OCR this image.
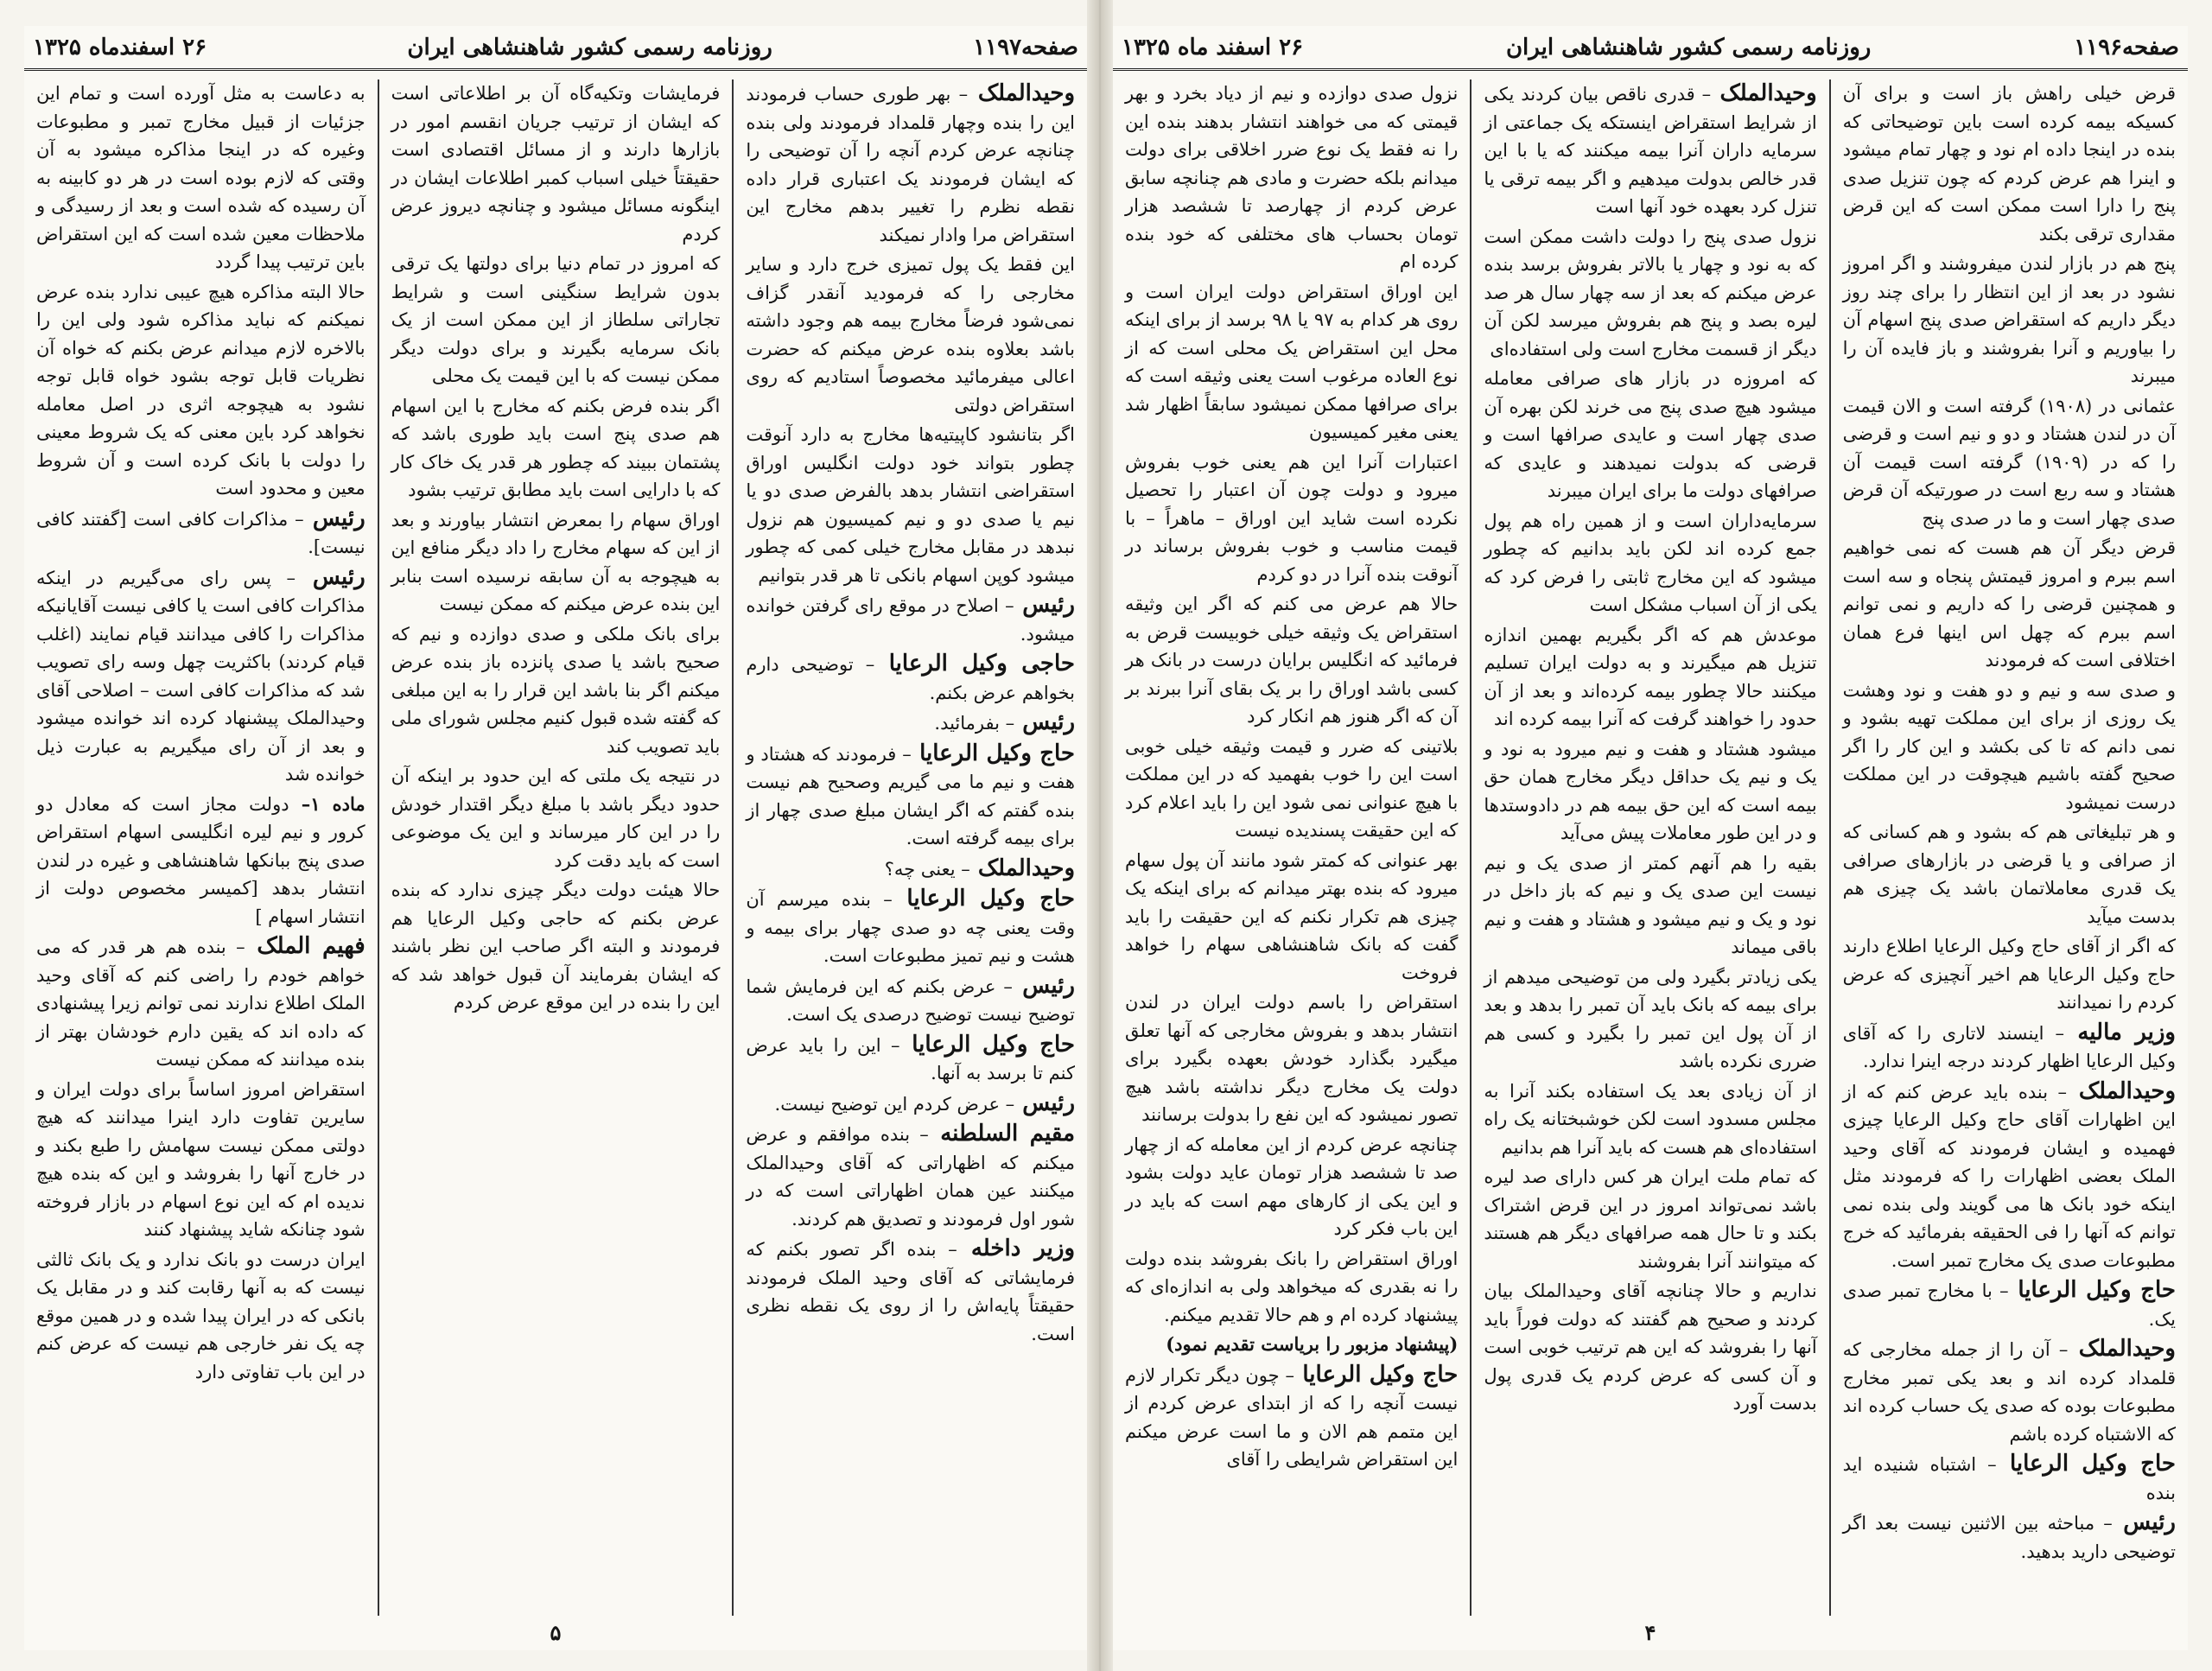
صفحه۱۱۹۷
روزنامه رسمی کشور شاهنشاهی ایران
۲۶ اسفندماه ۱۳۲۵

وحیدالملک – بهر طوری حساب فرمودند این را بنده وچهار قلمداد فرمودند ولی بنده چنانچه عرض کردم آنچه را آن توضیحی را که ایشان فرمودند یک اعتباری قرار داده نقطه نظرم را تغییر بدهم مخارج این استقراض مرا وادار نمیکند

این فقط یک پول تمیزی خرج دارد و سایر مخارجی را که فرمودید آنقدر گزاف نمی‌شود فرضاً مخارج بیمه هم وجود داشته باشد بعلاوه بنده عرض میکنم که حضرت اعالی میفرمائید مخصوصاً استادیم که روی استقراض دولتی

اگر بتانشود کاپیتیه‌ها مخارج به دارد آنوقت چطور بتواند خود دولت انگلیس اوراق استقراضی انتشار بدهد بالفرض صدی دو یا نیم یا صدی دو و نیم کمیسیون هم نزول نبدهد در مقابل مخارج خیلی کمی که چطور میشود کوپن اسهام بانکی تا هر قدر بتوانیم

رئیس – اصلاح در موقع رای گرفتن خوانده میشود.

حاجی وکیل الرعایا – توضیحی دارم بخواهم عرض بکنم.

رئیس – بفرمائید.

حاج وکیل الرعایا – فرمودند که هشتاد و هفت و نیم ما می گیریم وصحیح هم نیست بنده گفتم که اگر ایشان مبلغ صدی چهار از برای بیمه گرفته است.

وحیدالملک – یعنی چه؟

حاج وکیل الرعایا – بنده میرسم آن وقت یعنی چه دو صدی چهار برای بیمه و هشت و نیم تمیز مطبوعات است.

رئیس – عرض بکنم که این فرمایش شما توضیح نیست توضیح درصدی یک است.

حاج وکیل الرعایا – این را باید عرض کنم تا برسد به آنها.

رئیس – عرض کردم این توضیح نیست.

مقیم السلطنه – بنده موافقم و عرض میکنم که اظهاراتی که آقای وحیدالملک میکنند عین همان اظهاراتی است که در شور اول فرمودند و تصدیق هم کردند.

وزیر داخله – بنده اگر تصور بکنم که فرمایشاتی که آقای وحید الملک فرمودند حقیقتاً پایه‌اش را از روی یک نقطه نظری است.

فرمایشات وتکیه‌گاه آن بر اطلاعاتی است که ایشان از ترتیب جریان انقسم امور در بازارها دارند و از مسائل اقتصادی است حقیقتاً خیلی اسباب کمبر اطلاعات ایشان در اینگونه مسائل میشود و چنانچه دیروز عرض کردم

که امروز در تمام دنیا برای دولتها یک ترقی بدون شرایط سنگینی است و شرایط تجاراتی سلطاز از این ممکن است از یک بانک سرمایه بگیرند و برای دولت دیگر ممکن نیست که با این قیمت یک محلی

اگر بنده فرض بکنم که مخارج با این اسهام هم صدی پنج است باید طوری باشد که پشتمان ببیند که چطور هر قدر یک خاک کار که با دارایی است باید مطابق ترتیب بشود

اوراق سهام را بمعرض انتشار بیاورند و بعد از این که سهام مخارج را داد دیگر منافع این به هیچوجه به آن سابقه نرسیده است بنابر این بنده عرض میکنم که ممکن نیست

برای بانک ملکی و صدی دوازده و نیم که صحیح باشد یا صدی پانزده باز بنده عرض میکنم اگر بنا باشد این قرار را به این مبلغی که گفته شده قبول کنیم مجلس شورای ملی باید تصویب کند

در نتیجه یک ملتی که این حدود بر اینکه آن حدود دیگر باشد با مبلغ دیگر اقتدار خودش را در این کار میرساند و این یک موضوعی است که باید دقت کرد

حالا هیئت دولت دیگر چیزی ندارد که بنده عرض بکنم که حاجی وکیل الرعایا هم فرمودند و البته اگر صاحب این نظر باشند که ایشان بفرمایند آن قبول خواهد شد که این را بنده در این موقع عرض کردم

به دعاست به مثل آورده است و تمام این جزئیات از قبیل مخارج تمبر و مطبوعات وغیره که در اینجا مذاکره میشود به آن وقتی که لازم بوده است در هر دو کابینه به آن رسیده که شده است و بعد از رسیدگی و ملاحظات معین شده است که این استقراض باین ترتیب پیدا گردد

حالا البته مذاکره هیچ عیبی ندارد بنده عرض نمیکنم که نباید مذاکره شود ولی این را بالاخره لازم میدانم عرض بکنم که خواه آن نظریات قابل توجه بشود خواه قابل توجه نشود به هیچوجه اثری در اصل معامله نخواهد کرد باین معنی که یک شروط معینی را دولت با بانک کرده است و آن شروط معین و محدود است

رئیس – مذاکرات کافی است [گفتند کافی نیست].

رئیس – پس رای می‌گیریم در اینکه مذاکرات کافی است یا کافی نیست آقایانیکه مذاکرات را کافی میدانند قیام نمایند (اغلب قیام کردند) باکثریت چهل وسه رای تصویب شد که مذاکرات کافی است – اصلاحی آقای وحیدالملک پیشنهاد کرده اند خوانده میشود و بعد از آن رای میگیریم به عبارت ذیل خوانده شد

ماده ۱– دولت مجاز است که معادل دو کرور و نیم لیره انگلیسی اسهام استقراض صدی پنج ببانکها شاهنشاهی و غیره در لندن انتشار بدهد [کمیسر مخصوص دولت از انتشار اسهام ]

فهیم الملک – بنده هم هر قدر که می خواهم خودم را راضی کنم که آقای وحید الملک اطلاع ندارند نمی توانم زیرا پیشنهادی که داده اند که یقین دارم خودشان بهتر از بنده میدانند که ممکن نیست

استقراض امروز اساساً برای دولت ایران و سایرین تفاوت دارد اینرا میدانند که هیچ دولتی ممکن نیست سهامش را طبع بکند و در خارج آنها را بفروشد و این که بنده هیچ ندیده ام که این نوع اسهام در بازار فروخته شود چنانکه شاید پیشنهاد کنند

ایران درست دو بانک ندارد و یک بانک ثالثی نیست که به آنها رقابت کند و در مقابل یک بانکی که در ایران پیدا شده و در همین موقع چه یک نفر خارجی هم نیست که عرض کنم در این باب تفاوتی دارد

۵
صفحه۱۱۹۶
روزنامه رسمی کشور شاهنشاهی ایران
۲۶ اسفند ماه ۱۳۲۵

قرض خیلی راهش باز است و برای آن کسیکه بیمه کرده است باین توضیحاتی که بنده در اینجا داده ام نود و چهار تمام میشود و اینرا هم عرض کردم که چون تنزیل صدی پنج را دارا است ممکن است که این قرض مقداری ترقی بکند

پنج هم در بازار لندن میفروشند و اگر امروز نشود در بعد از این انتظار را برای چند روز دیگر داریم که استقراض صدی پنج اسهام آن را بیاوریم و آنرا بفروشند و باز فایده آن را میبرند

عثمانی در (۱۹۰۸) گرفته است و الان قیمت آن در لندن هشتاد و دو و نیم است و قرضی را که در (۱۹۰۹) گرفته است قیمت آن هشتاد و سه ربع است در صورتیکه آن قرض صدی چهار است و ما در صدی پنج

قرض دیگر آن هم هست که نمی خواهیم اسم ببرم و امروز قیمتش پنجاه و سه است و همچنین قرضی را که داریم و نمی توانم اسم ببرم که چهل اس اینها فرع همان اختلافی است که فرمودند

و صدی سه و نیم و دو هفت و نود وهشت یک روزی از برای این مملکت تهیه بشود و نمی دانم که تا کی بکشد و این کار را اگر صحیح گفته باشیم هیچوقت در این مملکت درست نمیشود

و هر تبلیغاتی هم که بشود و هم کسانی که از صرافی و یا قرضی در بازارهای صرافی یک قدری معاملاتمان باشد یک چیزی هم بدست میآید

که اگر از آقای حاج وکیل الرعایا اطلاع دارند حاج وکیل الرعایا هم اخیر آنچیزی که عرض کردم را نمیدانند

وزیر مالیه – اینسند لاتاری را که آقای وکیل الرعایا اظهار کردند درجه اینرا ندارد.

وحیدالملک – بنده باید عرض کنم که از این اظهارات آقای حاج وکیل الرعایا چیزی فهمیده و ایشان فرمودند که آقای وحید الملک بعضی اظهارات را که فرمودند مثل اینکه خود بانک ها می گویند ولی بنده نمی توانم که آنها را فی الحقیقه بفرمائید که خرج مطبوعات صدی یک مخارج تمبر است.

حاج وکیل الرعایا – با مخارج تمبر صدی یک.

وحیدالملک – آن را از جمله مخارجی که قلمداد کرده اند و بعد یکی تمبر مخارج مطبوعات بوده که صدی یک حساب کرده اند که الاشتباه کرده باشم

حاج وکیل الرعایا – اشتباه شنیده اید بنده

رئیس – مباحثه بین الاثنین نیست بعد اگر توضیحی دارید بدهید.

وحیدالملک – قدری ناقص بیان کردند یکی از شرایط استقراض اینستکه یک جماعتی از سرمایه داران آنرا بیمه میکنند که یا با این قدر خالص بدولت میدهیم و اگر بیمه ترقی یا تنزل کرد بعهده خود آنها است

نزول صدی پنج را دولت داشت ممکن است که به نود و چهار یا بالاتر بفروش برسد بنده عرض میکنم که بعد از سه چهار سال هر صد لیره بصد و پنج هم بفروش میرسد لکن آن دیگر از قسمت مخارج است ولی استفاده‌ای

که امروزه در بازار های صرافی معامله میشود هیچ صدی پنج می خرند لکن بهره آن صدی چهار است و عایدی صرافها است و قرضی که بدولت نمیدهند و عایدی که صرافهای دولت ما برای ایران میبرند

سرمایه‌داران است و از همین راه هم پول جمع کرده اند لکن باید بدانیم که چطور میشود که این مخارج ثابتی را فرض کرد که یکی از آن اسباب مشکل است

موعدش هم که اگر بگیریم بهمین اندازه تنزیل هم میگیرند و به دولت ایران تسلیم میکنند حالا چطور بیمه کرده‌اند و بعد از آن حدود را خواهند گرفت که آنرا بیمه کرده اند

میشود هشتاد و هفت و نیم میرود به نود و یک و نیم یک حداقل دیگر مخارج همان حق بیمه است که این حق بیمه هم در دادوستدها و در این طور معاملات پیش می‌آید

بقیه را هم آنهم کمتر از صدی یک و نیم نیست این صدی یک و نیم که باز داخل در نود و یک و نیم میشود و هشتاد و هفت و نیم باقی میماند

یکی زیادتر بگیرد ولی من توضیحی میدهم از برای بیمه که بانک باید آن تمبر را بدهد و بعد از آن پول این تمبر را بگیرد و کسی هم ضرری نکرده باشد

از آن زیادی بعد یک استفاده بکند آنرا به مجلس مسدود است لکن خوشبختانه یک راه استفاده‌ای هم هست که باید آنرا هم بدانیم

که تمام ملت ایران هر کس دارای صد لیره باشد نمی‌تواند امروز در این قرض اشتراک بکند و تا حال همه صرافهای دیگر هم هستند که میتوانند آنرا بفروشند

نداریم و حالا چنانچه آقای وحیدالملک بیان کردند و صحیح هم گفتند که دولت فوراً باید آنها را بفروشد که این هم ترتیب خوبی است و آن کسی که عرض کردم یک قدری پول بدست آورد

نزول صدی دوازده و نیم از دیاد بخرد و بهر قیمتی که می خواهند انتشار بدهند بنده این را نه فقط یک نوع ضرر اخلاقی برای دولت میدانم بلکه حضرت و مادی هم چنانچه سابق عرض کردم از چهارصد تا ششصد هزار تومان بحساب های مختلفی که خود بنده کرده ام

این اوراق استقراض دولت ایران است و روی هر کدام به ۹۷ یا ۹۸ برسد از برای اینکه محل این استقراض یک محلی است که از نوع العاده مرغوب است یعنی وثیقه است که برای صرافها ممکن نمیشود سابقاً اظهار شد یعنی مغیر کمیسیون

اعتبارات آنرا این هم یعنی خوب بفروش میرود و دولت چون آن اعتبار را تحصیل نکرده است شاید این اوراق – ماهراً – با قیمت مناسب و خوب بفروش برساند در آنوقت بنده آنرا در دو کردم

حالا هم عرض می کنم که اگر این وثیقه استقراض یک وثیقه خیلی خوبیست قرض به فرمائید که انگلیس برایان درست در بانک هر کسی باشد اوراق را بر یک بقای آنرا ببرند بر آن که اگر هنوز هم انکار کرد

بلاتینی که ضرر و قیمت وثیقه خیلی خوبی است این را خوب بفهمید که در این مملکت با هیچ عنوانی نمی شود این را باید اعلام کرد که این حقیقت پسندیده نیست

بهر عنوانی که کمتر شود مانند آن پول سهام میرود که بنده بهتر میدانم که برای اینکه یک چیزی هم تکرار نکنم که این حقیقت را باید گفت که بانک شاهنشاهی سهام را خواهد فروخت

استقراض را باسم دولت ایران در لندن انتشار بدهد و بفروش مخارجی که آنها تعلق میگیرد بگذارد خودش بعهده بگیرد برای دولت یک مخارج دیگر نداشته باشد هیچ تصور نمیشود که این نفع را بدولت برسانند

چنانچه عرض کردم از این معامله که از چهار صد تا ششصد هزار تومان عاید دولت بشود و این یکی از کارهای مهم است که باید در این باب فکر کرد

اوراق استقراض را بانک بفروشد بنده دولت را نه بقدری که میخواهد ولی به اندازه‌ای که پیشنهاد کرده ام و هم حالا تقدیم میکنم.

(پیشنهاد مزبور را بریاست تقدیم نمود)

حاج وکیل الرعایا – چون دیگر تکرار لازم نیست آنچه را که از ابتدای عرض کردم از این متمم هم الان و ما است عرض میکنم این استقراض شرایطی را آقای

۴
